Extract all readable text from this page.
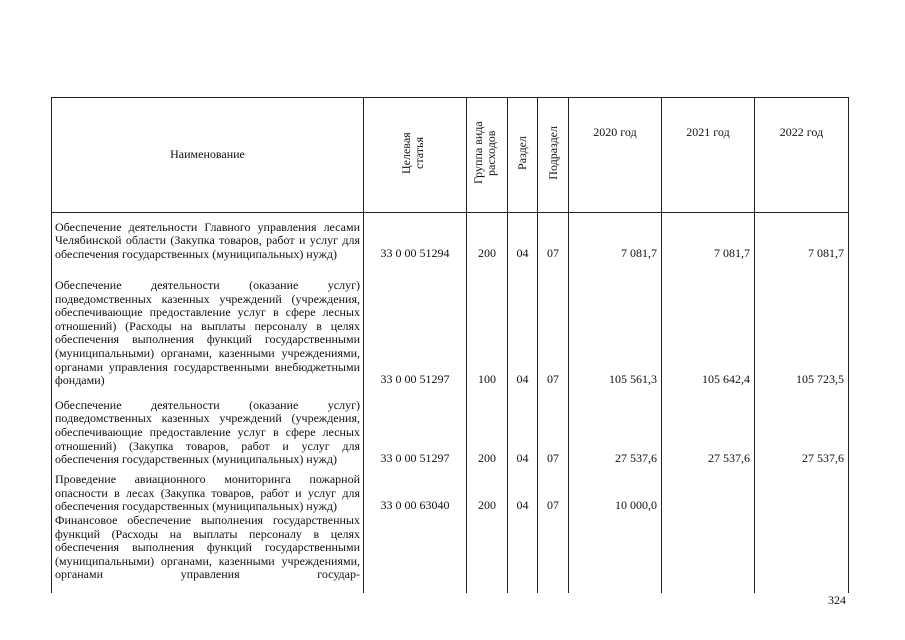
Наименование	Целевая статья	Группа вида расходов	Раздел	Подраздел	2020 год	2021 год	2022 год
Обеспечение деятельности Главного управления лесами Челябинской области (Закупка товаров, работ и услуг для обеспечения государственных (муниципальных) нужд)	33 0 00 51294	200	04	07	7 081,7	7 081,7	7 081,7
Обеспечение деятельности (оказание услуг) подведомственных казенных учреждений (учреждения, обеспечивающие предоставление услуг в сфере лесных отношений) (Расходы на выплаты персоналу в целях обеспечения выполнения функций государственными (муниципальными) органами, казенными учреждениями, органами управления государственными внебюджетными фондами)	33 0 00 51297	100	04	07	105 561,3	105 642,4	105 723,5
Обеспечение деятельности (оказание услуг) подведомственных казенных учреждений (учреждения, обеспечивающие предоставление услуг в сфере лесных отношений) (Закупка товаров, работ и услуг для обеспечения государственных (муниципальных) нужд)	33 0 00 51297	200	04	07	27 537,6	27 537,6	27 537,6
Проведение авиационного мониторинга пожарной опасности в лесах (Закупка товаров, работ и услуг для обеспечения государственных (муниципальных) нужд)	33 0 00 63040	200	04	07	10 000,0		
Финансовое обеспечение выполнения государственных функций (Расходы на выплаты персоналу в целях обеспечения выполнения функций государственными (муниципальными) органами, казенными учреждениями, органами управления государ-							
324
